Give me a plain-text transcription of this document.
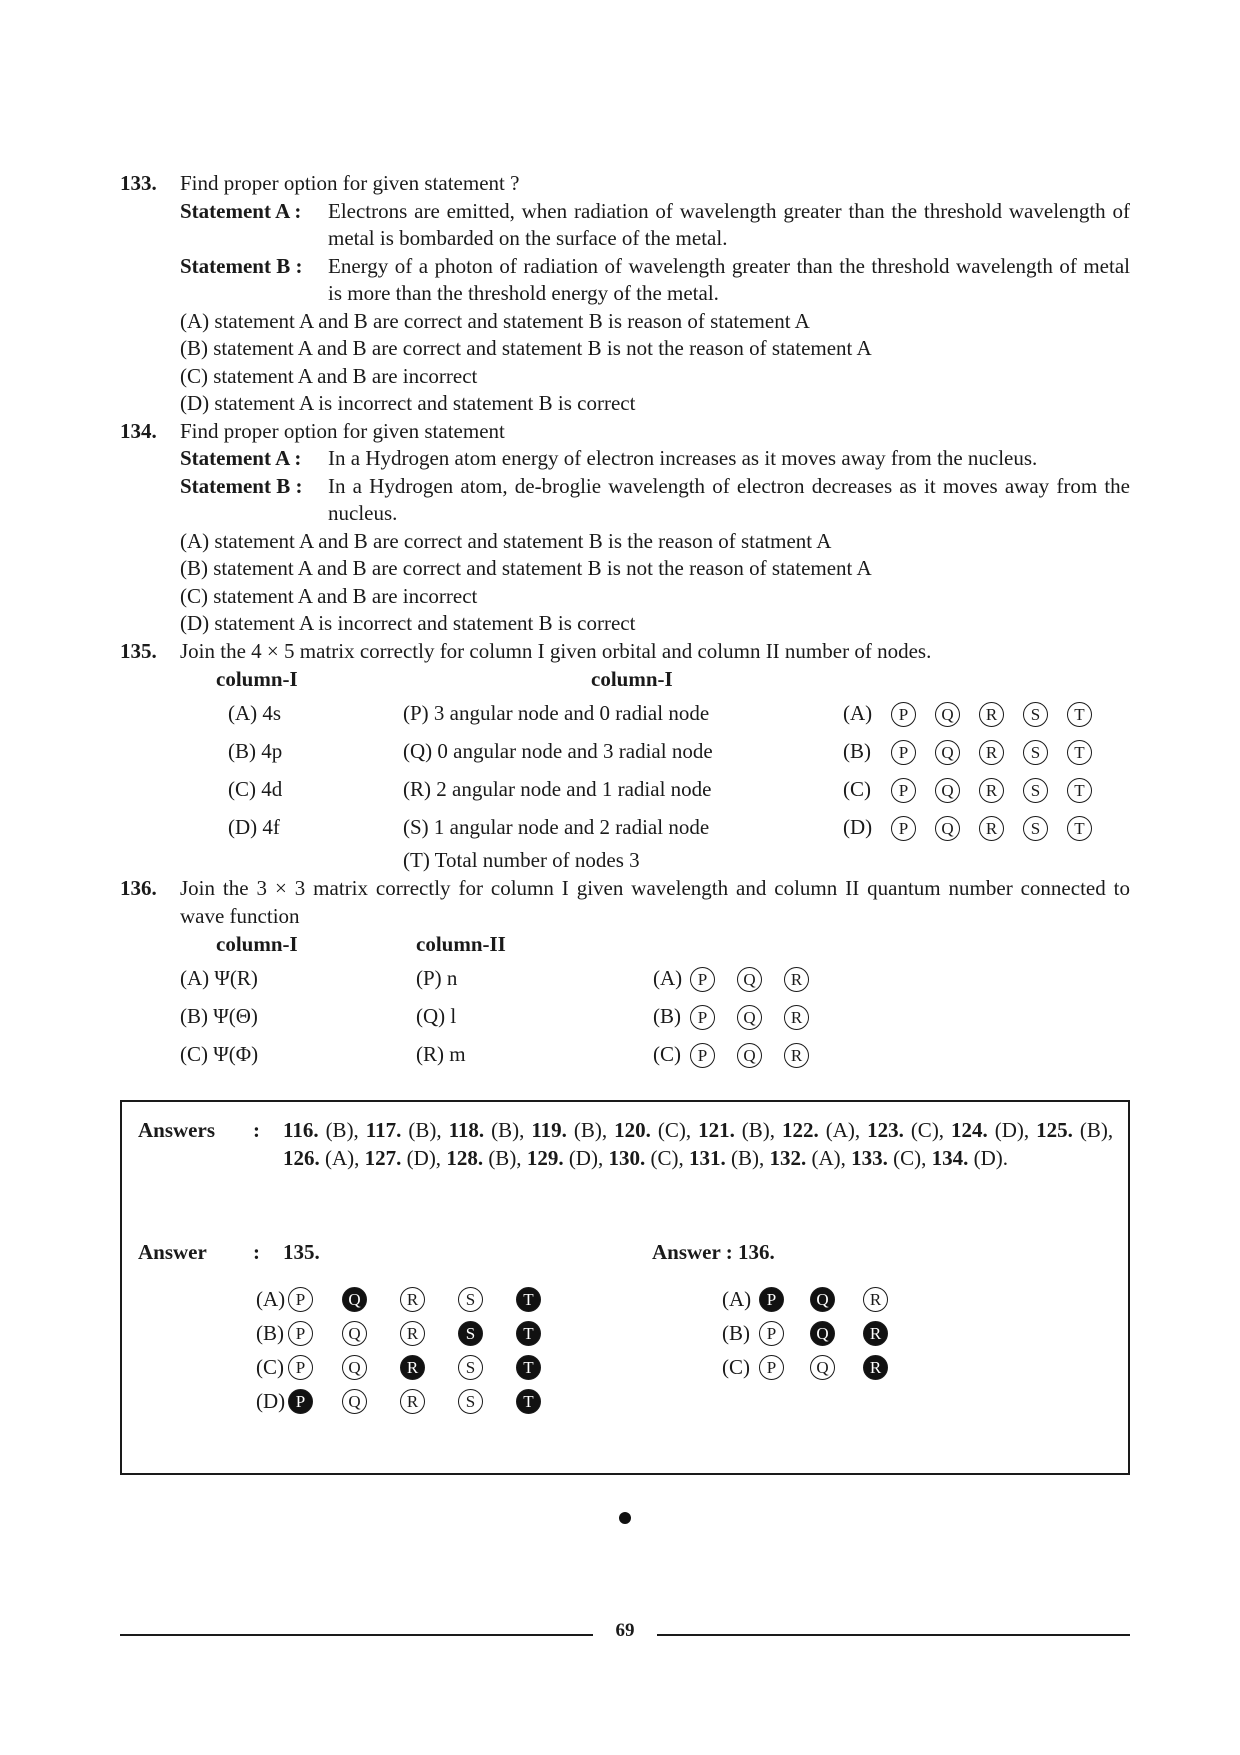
133. Find proper option for given statement ?
Statement A :	Electrons are emitted, when radiation of wavelength greater than the threshold wavelength of metal is bombarded on the surface of the metal.
Statement B :	Energy of a photon of radiation of wavelength greater than the threshold wavelength of metal is more than the threshold energy of the metal.
(A) statement A and B are correct and statement B is reason of statement A
(B) statement A and B are correct and statement B is not the reason of statement A
(C) statement A and B are incorrect
(D) statement A is incorrect and statement B is correct
134. Find proper option for given statement
Statement A :	In a Hydrogen atom energy of electron increases as it moves away from the nucleus.
Statement B :	In a Hydrogen atom, de-broglie wavelength of electron decreases as it moves away from the nucleus.
(A) statement A and B are correct and statement B is the reason of statment A
(B) statement A and B are correct and statement B is not the reason of statement A
(C) statement A and B are incorrect
(D) statement A is incorrect and statement B is correct
135. Join the 4 × 5 matrix correctly for column I given orbital and column II number of nodes.
column-I	column-I
(A) 4s	(P) 3 angular node and 0 radial node	(A)	P	Q	R	S	T
(B) 4p	(Q) 0 angular node and 3 radial node	(B)	P	Q	R	S	T
(C) 4d	(R) 2 angular node and 1 radial node	(C)	P	Q	R	S	T
(D) 4f	(S) 1 angular node and 2 radial node	(D)	P	Q	R	S	T
(T) Total number of nodes 3
136. Join the 3 × 3 matrix correctly for column I given wavelength and column II quantum number connected to wave function
column-I	column-II
(A) Ψ(R)	(P) n	(A) P	Q	R
(B) Ψ(Θ)	(Q) l	(B) P	Q	R
(C) Ψ(Φ)	(R) m	(C) P	Q	R
Answers : 116. (B), 117. (B), 118. (B), 119. (B), 120. (C), 121. (B), 122. (A), 123. (C), 124. (D), 125. (B), 126. (A), 127. (D), 128. (B), 129. (D), 130. (C), 131. (B), 132. (A), 133. (C), 134. (D).
Answer : 135.	Answer : 136.
(A) P	Q	R	S	T
(B) P	Q	R	S	T
(C) P	Q	R	S	T
(D) P	Q	R	S	T
(A) P	Q	R
(B) P	Q	R
(C) P	Q	R
69
